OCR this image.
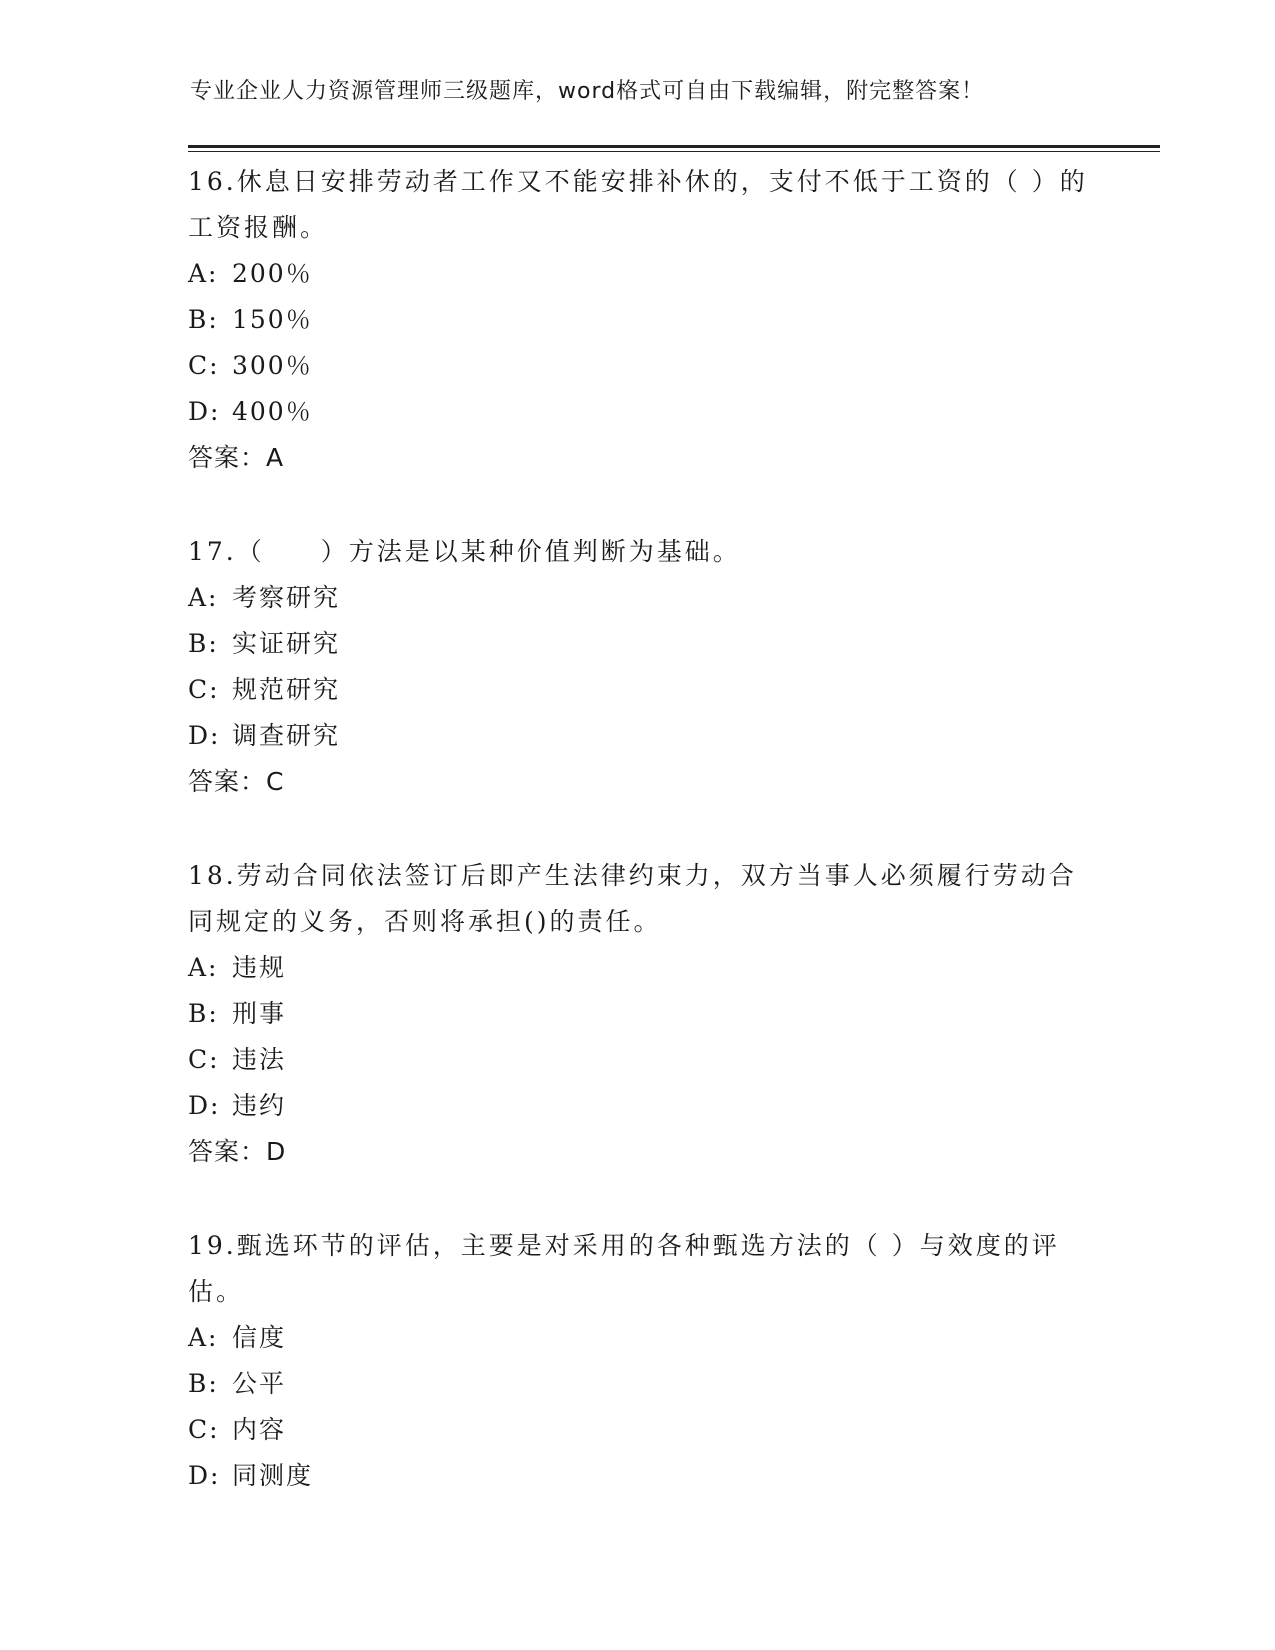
专业企业人力资源管理师三级题库，word格式可自由下载编辑，附完整答案！
16.休息日安排劳动者工作又不能安排补休的，支付不低于工资的（ ）的工资报酬。
A: 200％
B: 150％
C: 300％
D: 400％
答案：A
17.（　　）方法是以某种价值判断为基础。
A: 考察研究
B: 实证研究
C: 规范研究
D: 调查研究
答案：C
18.劳动合同依法签订后即产生法律约束力，双方当事人必须履行劳动合同规定的义务，否则将承担()的责任。
A: 违规
B: 刑事
C: 违法
D: 违约
答案：D
19.甄选环节的评估，主要是对采用的各种甄选方法的（ ）与效度的评估。
A: 信度
B: 公平
C: 内容
D: 同测度
